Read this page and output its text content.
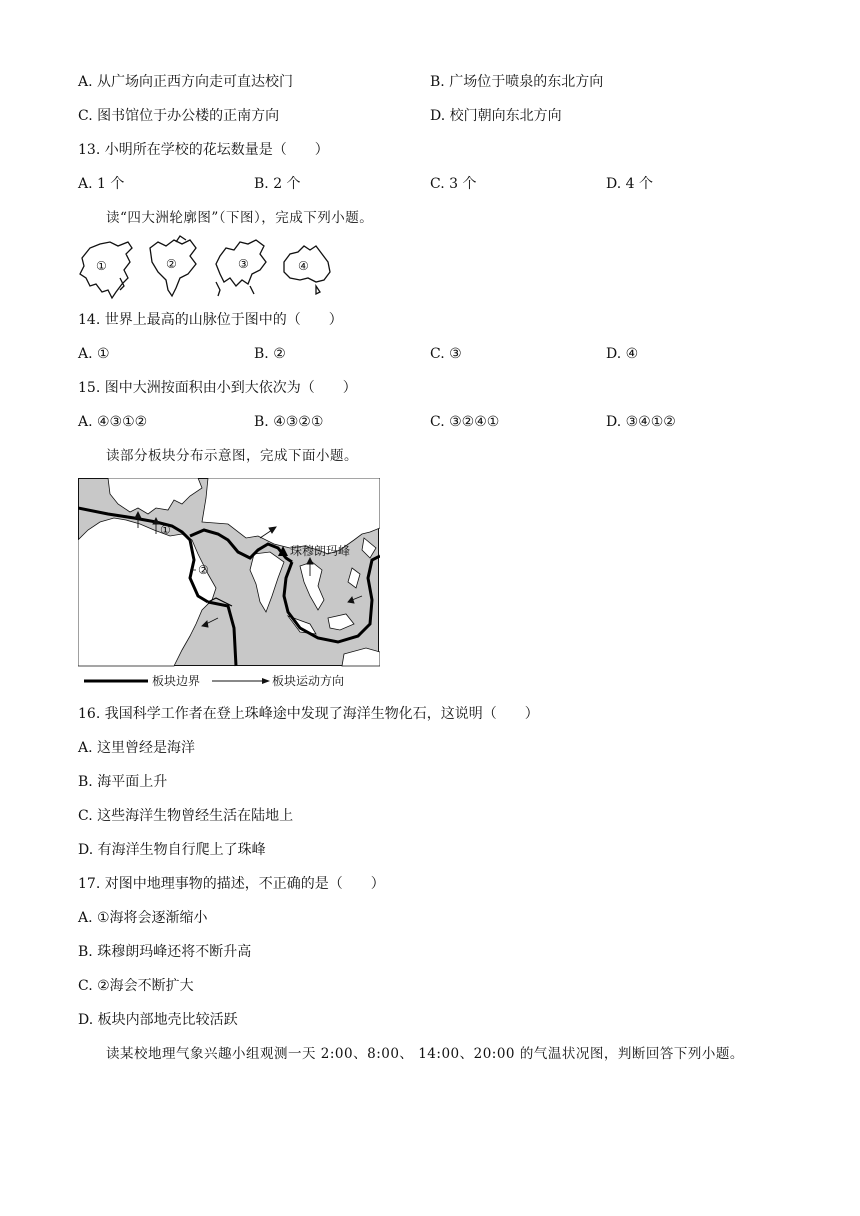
A. 从广场向正西方向走可直达校门	B. 广场位于喷泉的东北方向
C. 图书馆位于办公楼的正南方向	D. 校门朝向东北方向
13. 小明所在学校的花坛数量是（　　）
A. 1 个	B. 2 个	C. 3 个	D. 4 个
读“四大洲轮廓图”（下图），完成下列小题。
①	②	③	④
14. 世界上最高的山脉位于图中的（　　）
A. ①	B. ②	C. ③	D. ④
15. 图中大洲按面积由小到大依次为（　　）
A. ④③①②	B. ④③②①	C. ③②④①	D. ③④①②
读部分板块分布示意图，完成下面小题。
珠穆朗玛峰
①
②
板块边界	板块运动方向
16. 我国科学工作者在登上珠峰途中发现了海洋生物化石，这说明（　　）
A. 这里曾经是海洋
B. 海平面上升
C. 这些海洋生物曾经生活在陆地上
D. 有海洋生物自行爬上了珠峰
17. 对图中地理事物的描述，不正确的是（　　）
A. ①海将会逐渐缩小
B. 珠穆朗玛峰还将不断升高
C. ②海会不断扩大
D. 板块内部地壳比较活跃
读某校地理气象兴趣小组观测一天 2:00、8:00、 14:00、20:00 的气温状况图，判断回答下列小题。
